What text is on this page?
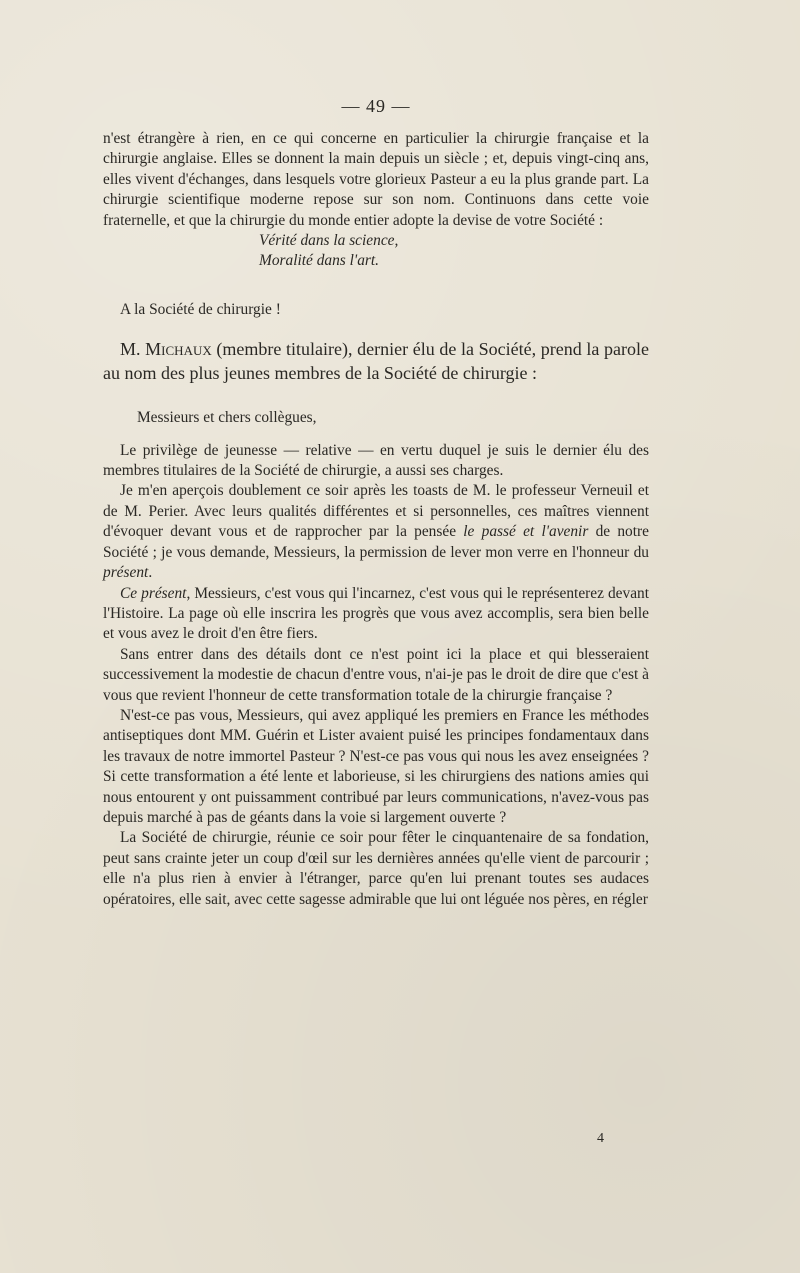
— 49 —

n'est étrangère à rien, en ce qui concerne en particulier la chirurgie française et la chirurgie anglaise. Elles se donnent la main depuis un siècle ; et, depuis vingt-cinq ans, elles vivent d'échanges, dans lesquels votre glorieux Pasteur a eu la plus grande part. La chirurgie scientifique moderne repose sur son nom. Continuons dans cette voie fraternelle, et que la chirurgie du monde entier adopte la devise de votre Société :

Vérité dans la science,
Moralité dans l'art.

A la Société de chirurgie !

M. Michaux (membre titulaire), dernier élu de la Société, prend la parole au nom des plus jeunes membres de la Société de chirurgie :

Messieurs et chers collègues,

Le privilège de jeunesse — relative — en vertu duquel je suis le dernier élu des membres titulaires de la Société de chirurgie, a aussi ses charges.

Je m'en aperçois doublement ce soir après les toasts de M. le professeur Verneuil et de M. Perier. Avec leurs qualités différentes et si personnelles, ces maîtres viennent d'évoquer devant vous et de rapprocher par la pensée le passé et l'avenir de notre Société ; je vous demande, Messieurs, la permission de lever mon verre en l'honneur du présent.

Ce présent, Messieurs, c'est vous qui l'incarnez, c'est vous qui le représenterez devant l'Histoire. La page où elle inscrira les progrès que vous avez accomplis, sera bien belle et vous avez le droit d'en être fiers.

Sans entrer dans des détails dont ce n'est point ici la place et qui blesseraient successivement la modestie de chacun d'entre vous, n'ai-je pas le droit de dire que c'est à vous que revient l'honneur de cette transformation totale de la chirurgie française ?

N'est-ce pas vous, Messieurs, qui avez appliqué les premiers en France les méthodes antiseptiques dont MM. Guérin et Lister avaient puisé les principes fondamentaux dans les travaux de notre immortel Pasteur ? N'est-ce pas vous qui nous les avez enseignées ? Si cette transformation a été lente et laborieuse, si les chirurgiens des nations amies qui nous entourent y ont puissamment contribué par leurs communications, n'avez-vous pas depuis marché à pas de géants dans la voie si largement ouverte ?

La Société de chirurgie, réunie ce soir pour fêter le cinquantenaire de sa fondation, peut sans crainte jeter un coup d'œil sur les dernières années qu'elle vient de parcourir ; elle n'a plus rien à envier à l'étranger, parce qu'en lui prenant toutes ses audaces opératoires, elle sait, avec cette sagesse admirable que lui ont léguée nos pères, en régler

4
